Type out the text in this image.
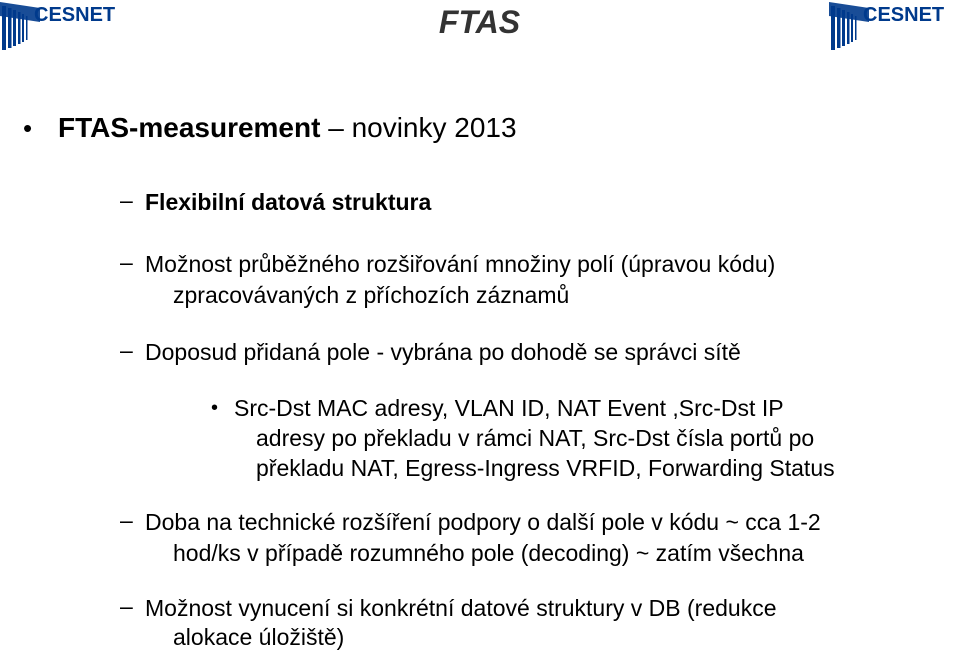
CESNET	CESNET
FTAS
• FTAS-measurement – novinky 2013
– Flexibilní datová struktura
– Možnost průběžného rozšiřování množiny polí (úpravou kódu)
zpracovávaných z příchozích záznamů
– Doposud přidaná pole - vybrána po dohodě se správci sítě
• Src-Dst MAC adresy, VLAN ID, NAT Event ,Src-Dst IP
adresy po překladu v rámci NAT, Src-Dst čísla portů po
překladu NAT, Egress-Ingress VRFID, Forwarding Status
– Doba na technické rozšíření podpory o další pole v kódu ~ cca 1-2
hod/ks v případě rozumného pole (decoding) ~ zatím všechna
– Možnost vynucení si konkrétní datové struktury v DB (redukce
alokace úložiště)
